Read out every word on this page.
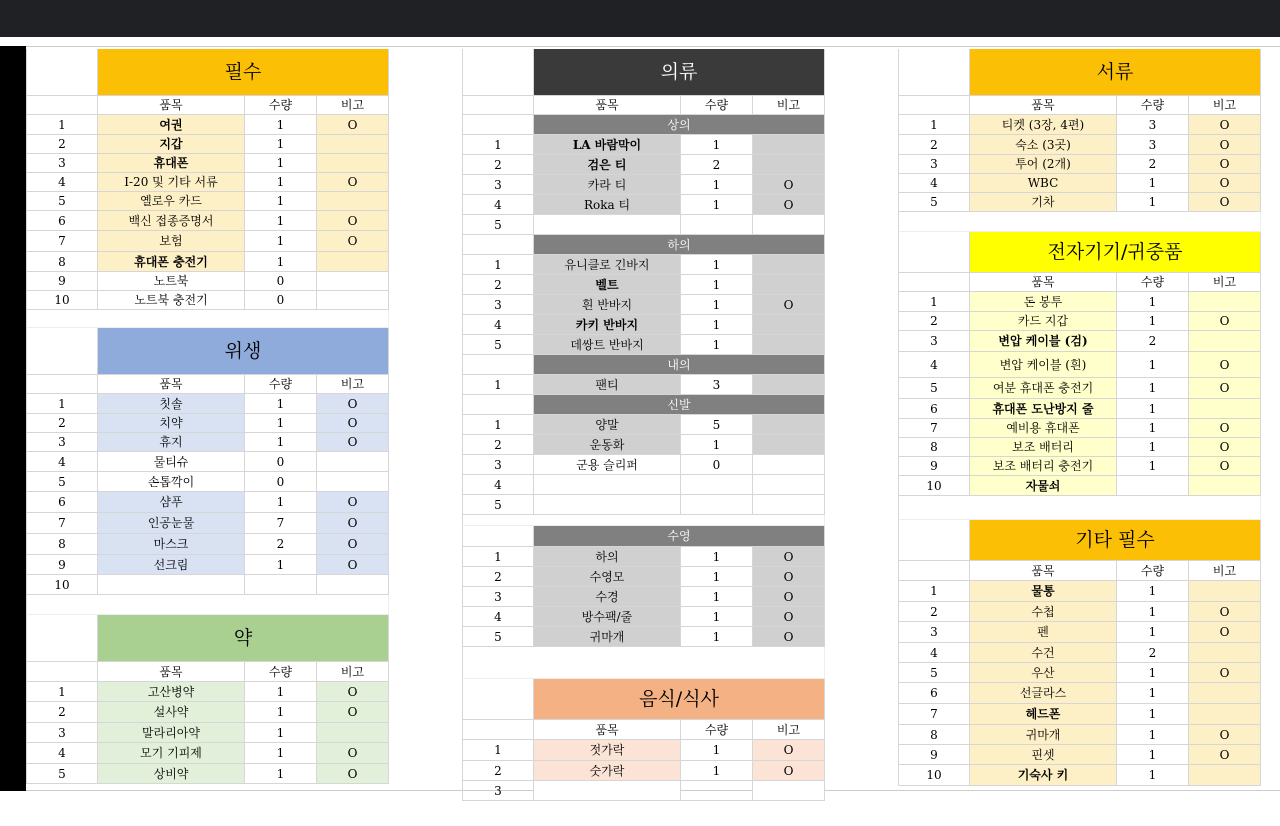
필수
품목	수량	비고
1	여권	1	O
2	지갑	1
3	휴대폰	1
4	I-20 및 기타 서류	1	O
5	옐로우 카드	1
6	백신 접종증명서	1	O
7	보험	1	O
8	휴대폰 충전기	1
9	노트북	0
10	노트북 충전기	0
위생
품목	수량	비고
1	칫솔	1	O
2	치약	1	O
3	휴지	1	O
4	물티슈	0
5	손톱깍이	0
6	샴푸	1	O
7	인공눈물	7	O
8	마스크	2	O
9	선크림	1	O
10
약
품목	수량	비고
1	고산병약	1	O
2	설사약	1	O
3	말라리아약	1
4	모기 기피제	1	O
5	상비약	1	O
의류
품목	수량	비고
상의
1	LA 바람막이	1
2	검은 티	2
3	카라 티	1	O
4	Roka 티	1	O
5
하의
1	유니클로 긴바지	1
2	벨트	1
3	흰 반바지	1	O
4	카키 반바지	1
5	데쌍트 반바지	1
내의
1	팬티	3
신발
1	양말	5
2	운동화	1
3	군용 슬리퍼	0
4
5
수영
1	하의	1	O
2	수영모	1	O
3	수경	1	O
4	방수팩/줄	1	O
5	귀마개	1	O
음식/식사
품목	수량	비고
1	젓가락	1	O
2	숫가락	1	O
3
서류
품목	수량	비고
1	티켓 (3장, 4편)	3	O
2	숙소 (3곳)	3	O
3	투어 (2개)	2	O
4	WBC	1	O
5	기차	1	O
전자기기/귀중품
품목	수량	비고
1	돈 봉투	1
2	카드 지갑	1	O
3	변압 케이블 (검)	2
4	변압 케이블 (흰)	1	O
5	여분 휴대폰 충전기	1	O
6	휴대폰 도난방지 줄	1
7	예비용 휴대폰	1	O
8	보조 배터리	1	O
9	보조 배터리 충전기	1	O
10	자물쇠
기타 필수
품목	수량	비고
1	물통	1
2	수첩	1	O
3	펜	1	O
4	수건	2
5	우산	1	O
6	선글라스	1
7	헤드폰	1
8	귀마개	1	O
9	핀셋	1	O
10	기숙사 키	1
